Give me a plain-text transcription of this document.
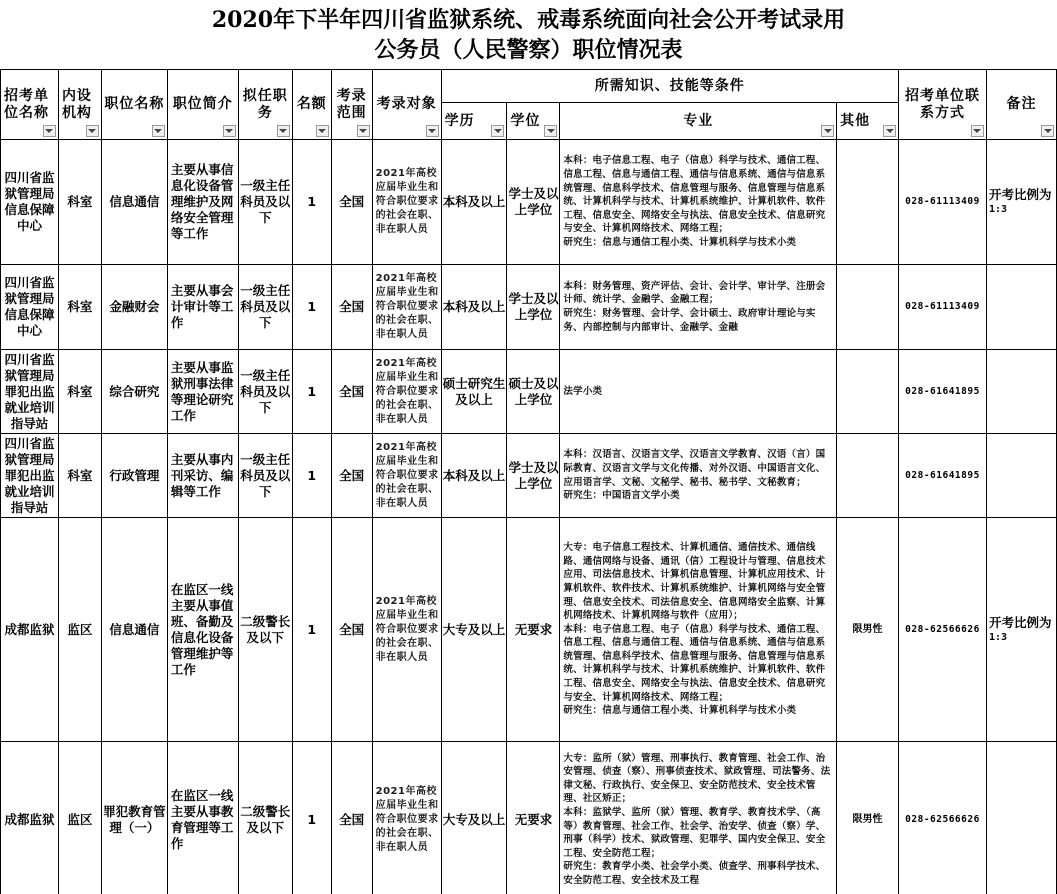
2020年下半年四川省监狱系统、戒毒系统面向社会公开考试录用
公务员（人民警察）职位情况表
招考单位名称	内设机构	职位名称	职位简介	拟任职务	名额	考录范围	考录对象	所需知识、技能等条件				招考单位联系方式	备注

								学历	学位	专业	其他		

四川省监狱管理局信息保障中心	科室	信息通信	主要从事信息化设备管理维护及网络安全管理等工作	一级主任科员及以下	1	全国	2021年高校应届毕业生和符合职位要求的社会在职、非在职人员	本科及以上	学士及以上学位	本科：电子信息工程、电子（信息）科学与技术、通信工程、信息工程、信息与通信工程、通信与信息系统、通信与信息系统管理、信息科学技术、信息管理与服务、信息管理与信息系统、计算机科学与技术、计算机系统维护、计算机软件、软件工程、信息安全、网络安全与执法、信息安全技术、信息研究与安全、计算机网络技术、网络工程；
研究生：信息与通信工程小类、计算机科学与技术小类		028-61113409	开考比例为
1:3

四川省监狱管理局信息保障中心	科室	金融财会	主要从事会计审计等工作	一级主任科员及以下	1	全国	2021年高校应届毕业生和符合职位要求的社会在职、非在职人员	本科及以上	学士及以上学位	本科：财务管理、资产评估、会计、会计学、审计学、注册会计师、统计学、金融学、金融工程；
研究生：财务管理、会计学、会计硕士、政府审计理论与实务、内部控制与内部审计、金融学、金融		028-61113409	

四川省监狱管理局罪犯出监就业培训指导站	科室	综合研究	主要从事监狱刑事法律等理论研究工作	一级主任科员及以下	1	全国	2021年高校应届毕业生和符合职位要求的社会在职、非在职人员	硕士研究生及以上	硕士及以上学位	法学小类		028-61641895	

四川省监狱管理局罪犯出监就业培训指导站	科室	行政管理	主要从事内刊采访、编辑等工作	一级主任科员及以下	1	全国	2021年高校应届毕业生和符合职位要求的社会在职、非在职人员	本科及以上	学士及以上学位	本科：汉语言、汉语言文学、汉语言文学教育、汉语（言）国际教育、汉语言文学与文化传播、对外汉语、中国语言文化、应用语言学、文秘、文秘学、秘书、秘书学、文秘教育；
研究生：中国语言文学小类		028-61641895	

成都监狱	监区	信息通信	在监区一线主要从事值班、备勤及信息化设备管理维护等工作	二级警长及以下	1	全国	2021年高校应届毕业生和符合职位要求的社会在职、非在职人员	大专及以上	无要求	大专：电子信息工程技术、计算机通信、通信技术、通信线路、通信网络与设备、通讯（信）工程设计与管理、信息技术应用、司法信息技术、计算机信息管理、计算机应用技术、计算机软件、软件技术、计算机系统维护、计算机网络与安全管理、信息安全技术、司法信息安全、信息网络安全监察、计算机网络技术、计算机网络与软件（应用）；
本科：电子信息工程、电子（信息）科学与技术、通信工程、信息工程、信息与通信工程、通信与信息系统、通信与信息系统管理、信息科学技术、信息管理与服务、信息管理与信息系统、计算机科学与技术、计算机系统维护、计算机软件、软件工程、信息安全、网络安全与执法、信息安全技术、信息研究与安全、计算机网络技术、网络工程；
研究生：信息与通信工程小类、计算机科学与技术小类	限男性	028-62566626	开考比例为
1:3

成都监狱	监区	罪犯教育管理（一）	在监区一线主要从事教育管理等工作	二级警长及以下	1	全国	2021年高校应届毕业生和符合职位要求的社会在职、非在职人员	大专及以上	无要求	大专：监所（狱）管理、刑事执行、教育管理、社会工作、治安管理、侦查（察）、刑事侦查技术、狱政管理、司法警务、法律文秘、行政执行、安全保卫、安全防范技术、安全技术管理、社区矫正；
本科：监狱学、监所（狱）管理、教育学、教育技术学、（高等）教育管理、社会工作、社会学、治安学、侦查（察）学、刑事（科学）技术、狱政管理、犯罪学、国内安全保卫、安全工程、安全防范工程；
研究生：教育学小类、社会学小类、侦查学、刑事科学技术、安全防范工程、安全技术及工程	限男性	028-62566626	
